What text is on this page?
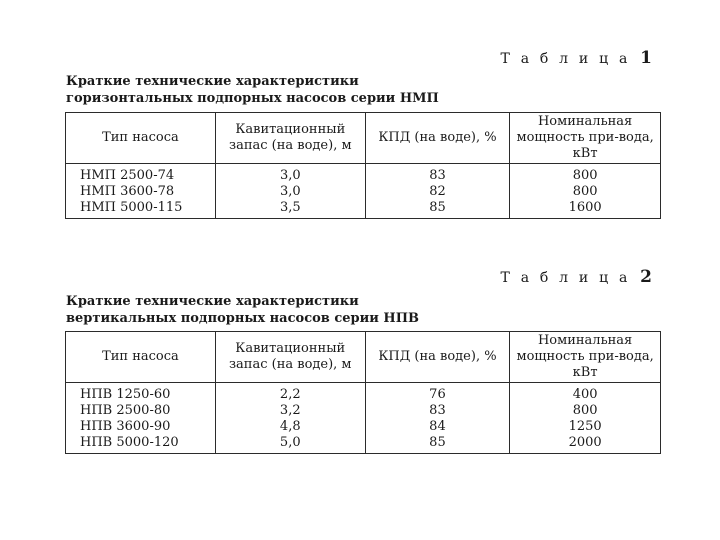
Т а б л и ц а 1
Краткие технические характеристики
горизонтальных подпорных насосов серии НМП
Тип насоса	Кавитационный запас (на воде), м	КПД (на воде), %	Номинальная мощность при-вода, кВт
НМП 2500-74	3,0	83	800
НМП 3600-78	3,0	82	800
НМП 5000-115	3,5	85	1600
Т а б л и ц а 2
Краткие технические характеристики
вертикальных подпорных насосов серии НПВ
Тип насоса	Кавитационный запас (на воде), м	КПД (на воде), %	Номинальная мощность при-вода, кВт
НПВ 1250-60	2,2	76	400
НПВ 2500-80	3,2	83	800
НПВ 3600-90	4,8	84	1250
НПВ 5000-120	5,0	85	2000
